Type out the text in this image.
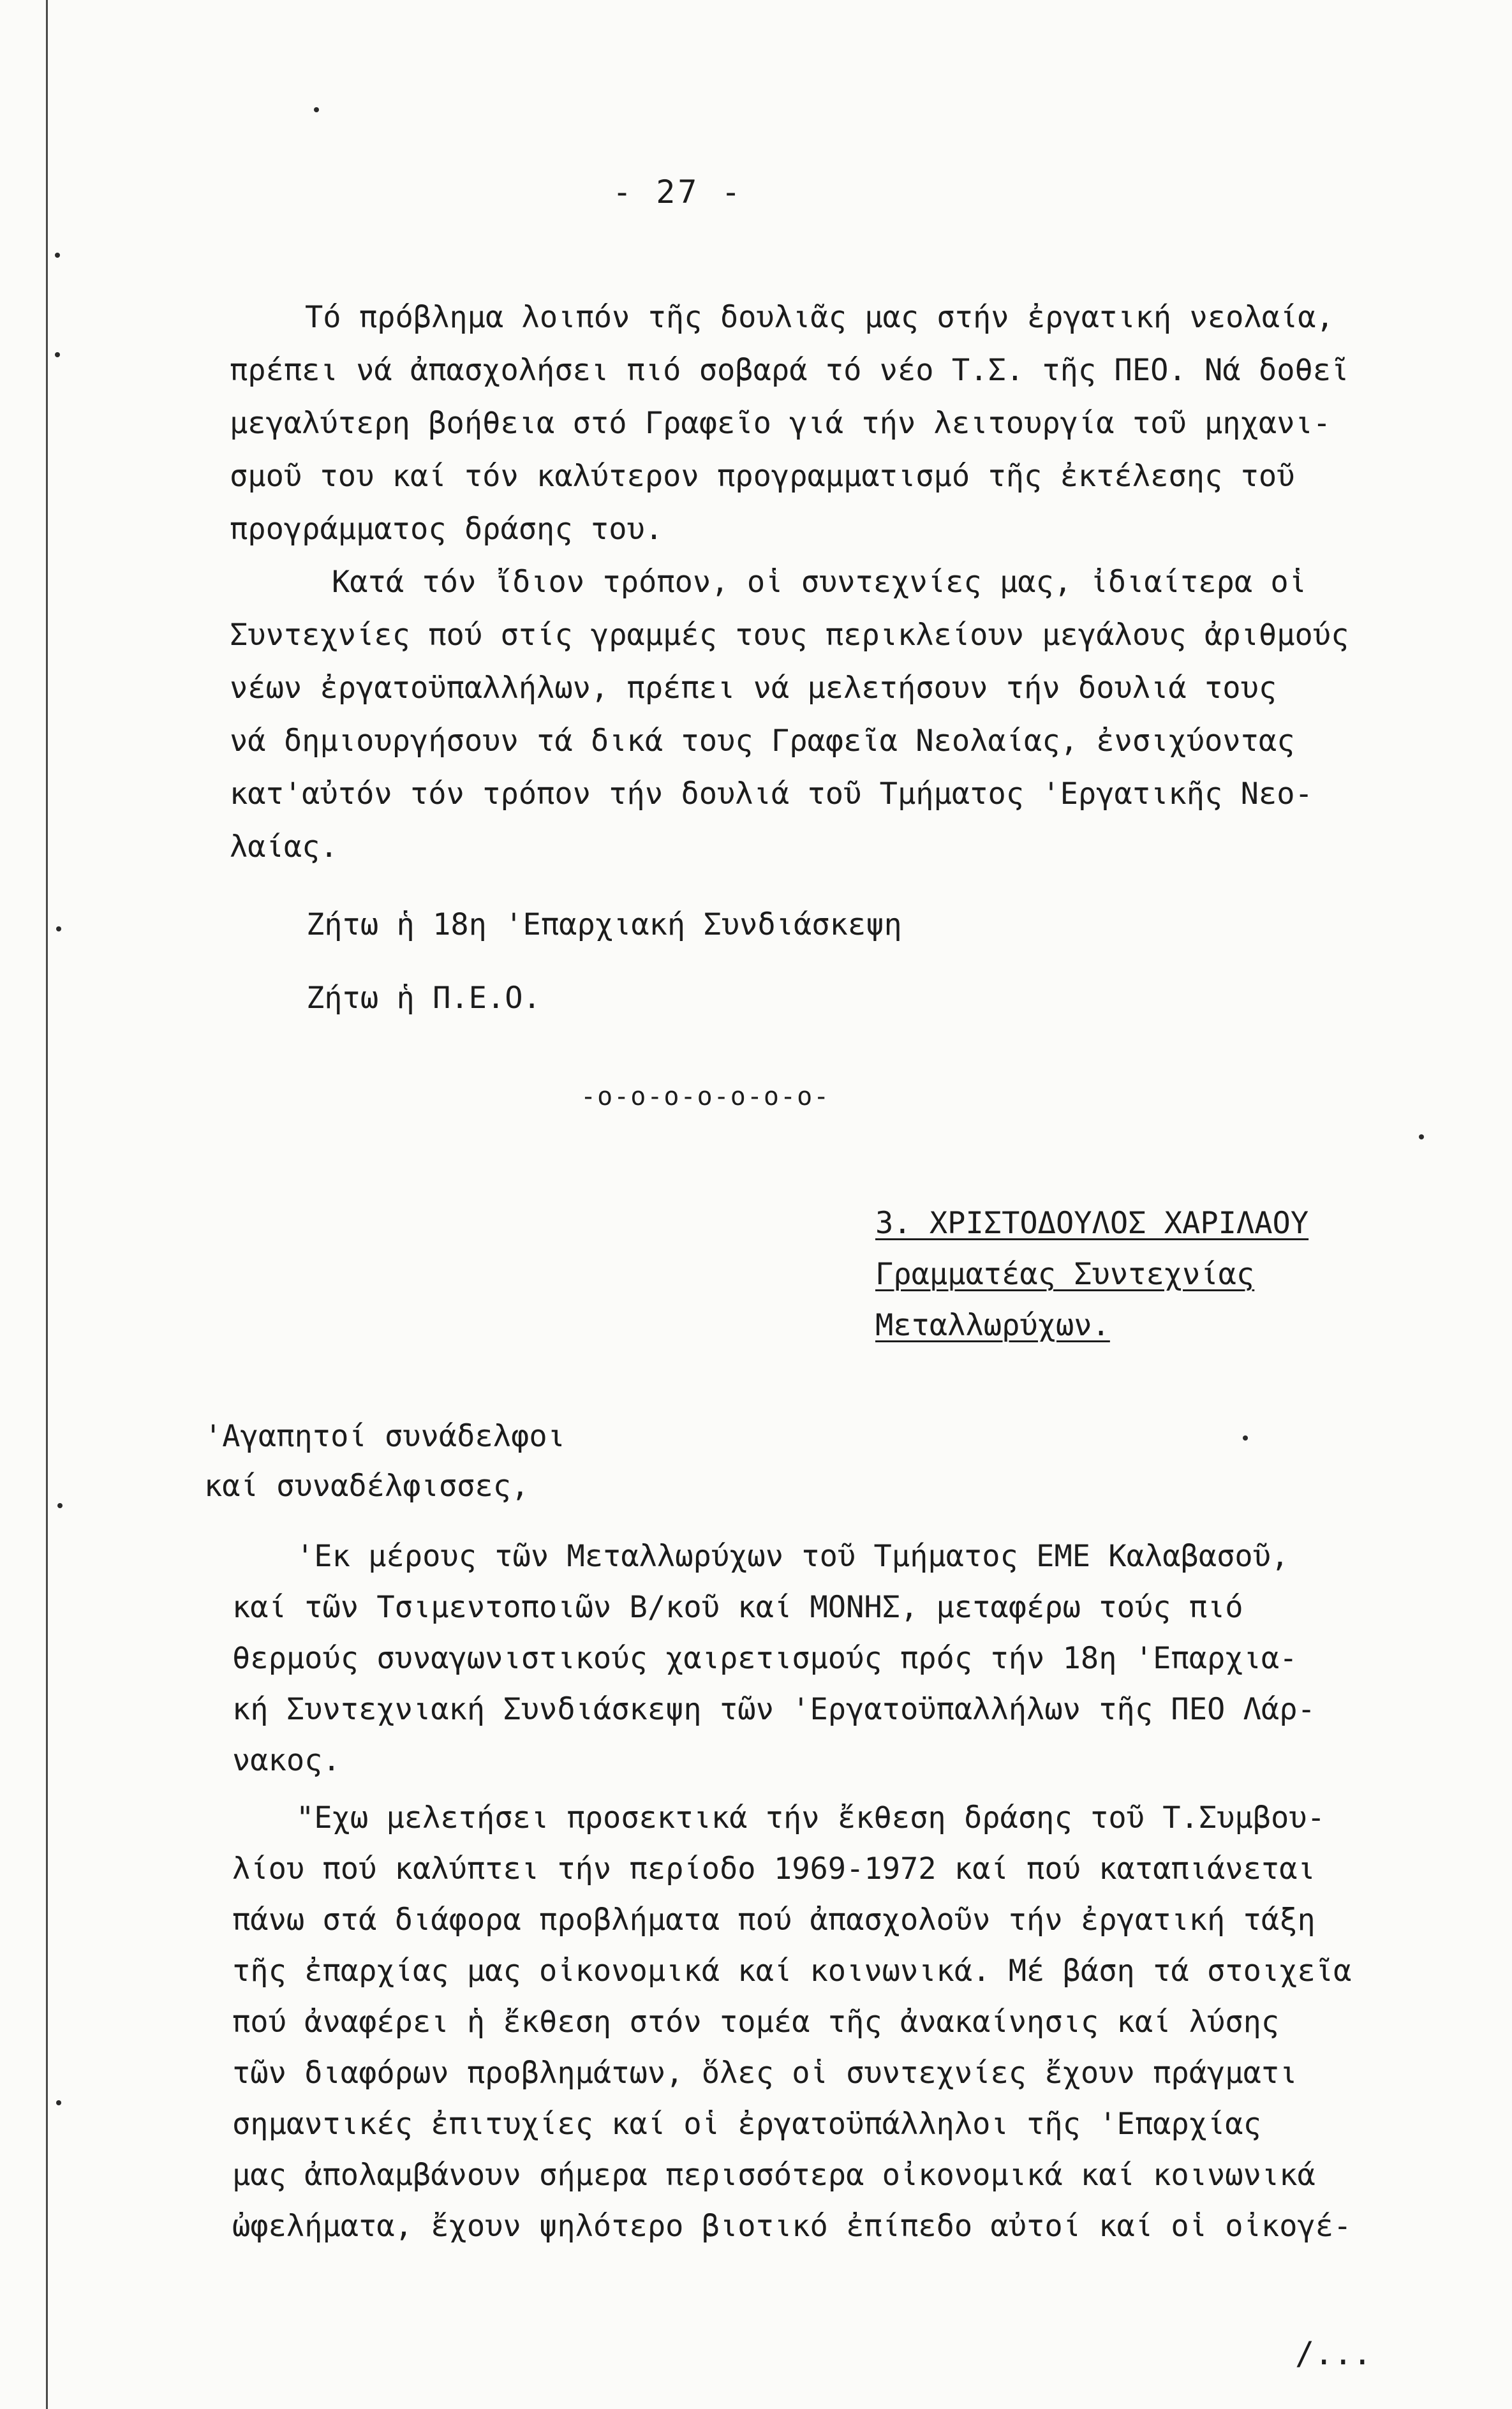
- 27 -
Τό πρόβλημα λοιπόν τῆς δουλιᾶς μας στήν ἐργατική νεολαία,
πρέπει νά ἀπασχολήσει πιό σοβαρά τό νέο Τ.Σ. τῆς ΠΕΟ. Νά δοθεῖ
μεγαλύτερη βοήθεια στό Γραφεῖο γιά τήν λειτουργία τοῦ μηχανι-
σμοῦ του καί τόν καλύτερον προγραμματισμό τῆς ἐκτέλεσης τοῦ
προγράμματος δράσης του.
Κατά τόν ἴδιον τρόπον, οἱ συντεχνίες μας, ἰδιαίτερα οἱ
Συντεχνίες πού στίς γραμμές τους περικλείουν μεγάλους ἀριθμούς
νέων ἐργατοϋπαλλήλων, πρέπει νά μελετήσουν τήν δουλιά τους
νά δημιουργήσουν τά δικά τους Γραφεῖα Νεολαίας, ἐνσιχύοντας
κατ'αὐτόν τόν τρόπον τήν δουλιά τοῦ Τμήματος 'Εργατικῆς Νεο-
λαίας.
Ζήτω ἡ 18η 'Επαρχιακή Συνδιάσκεψη
Ζήτω ἡ Π.Ε.Ο.
-o-o-o-o-o-o-o-
3. ΧΡΙΣΤΟΔΟΥΛΟΣ ΧΑΡΙΛΑΟΥ
Γραμματέας Συντεχνίας
Μεταλλωρύχων.
'Αγαπητοί συνάδελφοι
καί συναδέλφισσες,
'Εκ μέρους τῶν Μεταλλωρύχων τοῦ Τμήματος ΕΜΕ Καλαβασοῦ,
καί τῶν Τσιμεντοποιῶν Β/κοῦ καί ΜΟΝΗΣ, μεταφέρω τούς πιό
θερμούς συναγωνιστικούς χαιρετισμούς πρός τήν 18η 'Επαρχια-
κή Συντεχνιακή Συνδιάσκεψη τῶν 'Εργατοϋπαλλήλων τῆς ΠΕΟ Λάρ-
νακος.
"Εχω μελετήσει προσεκτικά τήν ἔκθεση δράσης τοῦ Τ.Συμβου-
λίου πού καλύπτει τήν περίοδο 1969-1972 καί πού καταπιάνεται
πάνω στά διάφορα προβλήματα πού ἀπασχολοῦν τήν ἐργατική τάξη
τῆς ἐπαρχίας μας οἰκονομικά καί κοινωνικά. Μέ βάση τά στοιχεῖα
πού ἀναφέρει ἡ ἔκθεση στόν τομέα τῆς ἀνακαίνησις καί λύσης
τῶν διαφόρων προβλημάτων, ὅλες οἱ συντεχνίες ἔχουν πράγματι
σημαντικές ἐπιτυχίες καί οἱ ἐργατοϋπάλληλοι τῆς 'Επαρχίας
μας ἀπολαμβάνουν σήμερα περισσότερα οἰκονομικά καί κοινωνικά
ὠφελήματα, ἔχουν ψηλότερο βιοτικό ἐπίπεδο αὐτοί καί οἱ οἰκογέ-
/...
